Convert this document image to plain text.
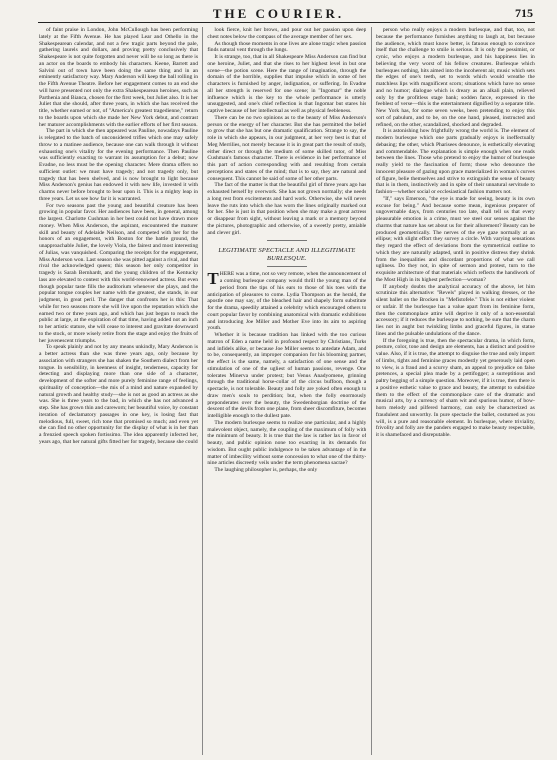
THE COURIER.	715

of faint praise in London, John McCullough has been performing lately at the Fifth Avenue. He has played Lear and Othello in the Shakespearean calendar, and not a few tragic parts beyond the pale, gathering laurels and dollars, and proving pretty conclusively that Shakespeare is not quite forgotten and never will be so long as there is an actor on the boards to embody his characters. Keene, Barrett and Salvini out of town have been doing the same thing and in an eminently satisfactory way. Mary Anderson will keep the ball rolling in the Fifth Avenue Theatre. Before her engagement comes to an end she will have presented not only the extra Shakespearean heroines, such as Parthenia and Bianca, chosen for the first week, but Juliet also. It is her Juliet that she should, after three years, in which she has received the title, whether earned or not, of "America's greatest tragedienne," return to the boards upon which she made her New York debut, and contrast her maturer accomplishments with the earlier efforts of her first season.

The part in which she then appeared was Pauline, nowadays Pauline is relegated to the batch of unconsidered trifles which one may safely throw to a matinee audience, because one can walk through it without exhausting one's vitality for the evening performance. Then Pauline was sufficiently exacting to warrant its assumption for a debut; now Evadne, no less must be the opening character. Mere drama offers no sufficient outlet: we must have tragedy; and not tragedy only, but tragedy that has been shelved, and is now brought to light because Miss Anderson's genius has endowed it with new life, invested it with charms never before brought to bear upon it. This is a mighty leap in three years. Let us see how far it is warranted.

For two seasons past the young and beautiful creature has been growing in popular favor. Her audiences have been, in general, among the largest. Charlotte Cushman in her best could not have drawn more money. When Miss Anderson, the aspirant, encountered the maturer skill and beauty of Adelaide Neilson, and competed with her for the honors of an engagement, with Boston for the battle ground, the unapproachable Juliet, the lovely Viola, the fairest and most interesting of Julias, was vanquished. Comparing the receipts for the engagement, Miss Anderson won. Last season she was pitted against a rival, and that rival the acknowledged queen; this season her only competitor in tragedy is Sarah Bernhardt, and the young children of the Kentucky lass are elevated to contest with this world-renowned actress. But even though popular taste fills the auditorium whenever she plays, and the popular tongue couples her name with the greatest, she stands, in our judgment, in great peril. The danger that confronts her is this: That while for two seasons more she will live upon the reputation which she earned two or three years ago, and which has just begun to reach the public at large, at the expiration of that time, having added not an inch to her artistic stature, she will cease to interest and gravitate downward to the stock, or more wisely retire from the stage and enjoy the fruits of her juvenescent triumphs.

To speak plainly and not by any means unkindly, Mary Anderson is a better actress than she was three years ago, only because by association with strangers she has shaken the Southern dialect from her tongue. In sensibility, in keenness of insight, tenderness, capacity for detecting and displaying more than one side of a character, development of the softer and more purely feminine range of feelings, spirituality of conception—the mis of a mind and nature expanded by natural growth and healthy study—she is not as good an actress as she was. She is three years to the bad, in which she has not advanced a step. She has grown thin and careworn; her beautiful voice, by constant iteration of declamatory passages in one key, is losing fast that melodious, full, sweet, rich tone that promised so much; and even yet she can find no other opportunity for the display of what is in her than a frenzied speech spoken fortissimo. The idea apparently infected her, years ago, that her natural gifts fitted her for tragedy, because she could

look fierce, knit her brows, and pour out her passion upon deep chest notes below the compass of the average member of her sex.

As though those moments in one lives are alone tragic when passion finds natural vent through the lungs.

It is strange, too, that in all Shakespeare Miss Anderson can find but one heroine, Juliet, and that she rises to her highest level in but one scene—the potion scene. Here the range of imagination, through the domain of the horrible, supplies that impulse which in some of her characters is furnished by anger, indignation, or suffering. In Evadne all her strength is reserved for one scene; in "Ingomar" the noble influence which is the key to the whole performance is utterly unsuggested, and one's chief reflection is that Ingomar but stares his captive because of her intellectual as well as physical feebleness.

There can be no two opinions as to the beauty of Miss Anderson's person or the energy of her character. But she has permitted the belief to grow that she has but one dramatic qualification. Strange to say, the role in which she appears, in our judgment, at her very best is that of Meg Merrilies, not merely because it is in great part the result of study, either direct or through the medium of some skilled tutor, of Miss Cushman's famous character. There is evidence in her performance of this part of action corresponding with and resulting from certain perceptions and states of the mind; that is to say, they are natural and consequent. This cannot be said of some of her other parts.

The fact of the matter is that the beautiful girl of three years ago has exhausted herself by overwork. She has not grown normally; she needs a long rest from excitements and hard work. Otherwise, she will never leave the ruts into which she has worn the lines originally marked out for her. She is just in that position when she may make a great actress or disappear from sight, without leaving a mark or a memory beyond the pictures, photographic and otherwise, of a sweetly pretty, amiable and clever girl.

LEGITIMATE SPECTACLE AND ILLEGITIMATE BURLESQUE.

THERE was a time, not so very remote, when the announcement of a coming burlesque company would thrill the young man of the period from the tips of his ears to those of his toes with the anticipation of pleasures to come. Lydia Thompson as the herald, the apostle one may say, of the bleached hair and shapely form substitute for the drama, speedily attained a celebrity which encouraged others to court popular favor by combining anatomical with dramatic exhibitions and introducing Joe Miller and Mother Eve into its aim to aspiring youth.

Whether it is because tradition has linked with the too curious matron of Eden a name held in profound respect by Christians, Turks and infidels alike, or because Joe Miller seems to antedate Adam, and to be, consequently, an improper companion for his blooming partner, the effect is the same, namely, a satisfaction of one sense and the stimulation of one of the ugliest of human passions, revenge. One tolerates Minerva under protest; but Venus Anadyomene, grinning through the traditional horse-collar of the circus buffoon, though a spectacle, is not tolerable. Beauty and folly are yoked often enough to draw men's souls to perdition; but, when the folly enormously preponderates over the beauty, the Swedenborgian doctrine of the descent of the devils from one plane, from sheer discomfiture, becomes intelligible enough to the dullest pate.

The modern burlesque seems to realize one particular, and a highly malevolent object, namely, the coupling of the maximum of folly with the minimum of beauty. It is true that the law is rather lax in favor of beauty, and public opinion none too exacting in its demands for wisdom. But ought public indulgence to be taken advantage of in the matter of imbecility without some concession to what one of the thirty-nine articles discreetly veils under the term phenomena sacrae?

The laughing philosopher is, perhaps, the only

person who really enjoys a modern burlesque, and that, too, not because the performance furnishes anything to laugh at, but because the audience, which must know better, is fatuous enough to convince itself that the challenge to smile is serious. It is only the pessimist, or cynic, who enjoys a modern burlesque, and his happiness lies in believing the very worst of his fellow creatures. Burlesque which burlesques nothing, hits aimed into the incoherent air, music which sets the edges of one's teeth, set to words which would wreathe the matchless lips with magnificent scorn; situations which have no sense and no humor; dialogue which is dreary as an alkali plain, relieved only by the profitless stage bank; sodden farce, expressed in the feeblest of verse—this is the entertainment dignified by a separate title. New York has, for some seven weeks, been pretending to enjoy this sort of pabulum, and to be, on the one hand, pleased, instructed and refined, on the other, scandalized, shocked and degraded.

It is astonishing how frightfully wrong the world is. The element of modern burlesque which one parts gradually enjoys is ineffectually debasing; the other, which Pharisees denounce, is esthetically elevating and commendable. The explanation is simple enough when one reads between the lines. Those who pretend to enjoy the humor of burlesque really yield to the fascination of form; those who denounce the innocent pleasure of gazing upon grace materialized in woman's curves of figure, belie themselves and strive to extinguish the sense of beauty that is in them, instinctively and in spite of their unnatural servitude to fashion—whether social or ecclesiastical fashion matters not.

"If," says Emerson, "the eye is made for seeing, beauty is its own excuse for being." And because some mean, ingenious preparer of ungovernable days, from centuries too late, shall tell us that every pleasurable emotion is a crime, must we steel our senses against the charms that nature has set about us for their allurement? Beauty can be produced geometrically. The nerves of the eye gaze normally at an ellipse; with slight effort they survey a circle. With varying sensations they regard the effect of deviations from the symmetrical outline to which they are naturally adapted, until in positive distress they shrink from the inequalities and discordant proportions of what we call ugliness. Do they not, in spite of sermon and protest, turn to the exquisite architecture of that materials which reflects the handiwork of the Most High in its highest perfection—woman?

If anybody doubts the analytical accuracy of the above, let him scrutinize this alternative: "Revels" played in walking dresses, or the silent ballet on the Brocken in "Mefistofele." This is not either violent or unfair. If the burlesque has a value apart from its feminine form, then the commonplace attire will deprive it only of a non-essential accessory; if it reduces the burlesque to nothing, be sure that the charm lies not in aught but twinkling limbs and graceful figures, in statue lines and the pulsable undulations of the dance.

If the foregoing is true, then the spectacular drama, in which form, posture, color, tone and design are elements, has a distinct and positive value. Also, if it is true, the attempt to disguise the true and only import of limbs, tights and feminine graces modestly yet generously laid open to view, is a fraud and a scurvy sham, an appeal to prejudice on false pretences, a special plea made by a pettifogger; a surreptitious and paltry begging of a simple question. Moreover, if it is true, then there is a positive esthetic value to grace and beauty, the attempt to subsidize them to the effect of the commonplace care of the dramatic and musical arts, by a currency of sham wit and spurious humor, of bow-horn melody and pilfered harmony, can only be characterized as fraudulent and unworthy. In pure spectacle the ballet, costumed as you will, is a pure and reasonable element. In burlesque, where triviality, frivolity and folly are the panders engaged to make beauty respectable, it is shamefaced and disreputable.
